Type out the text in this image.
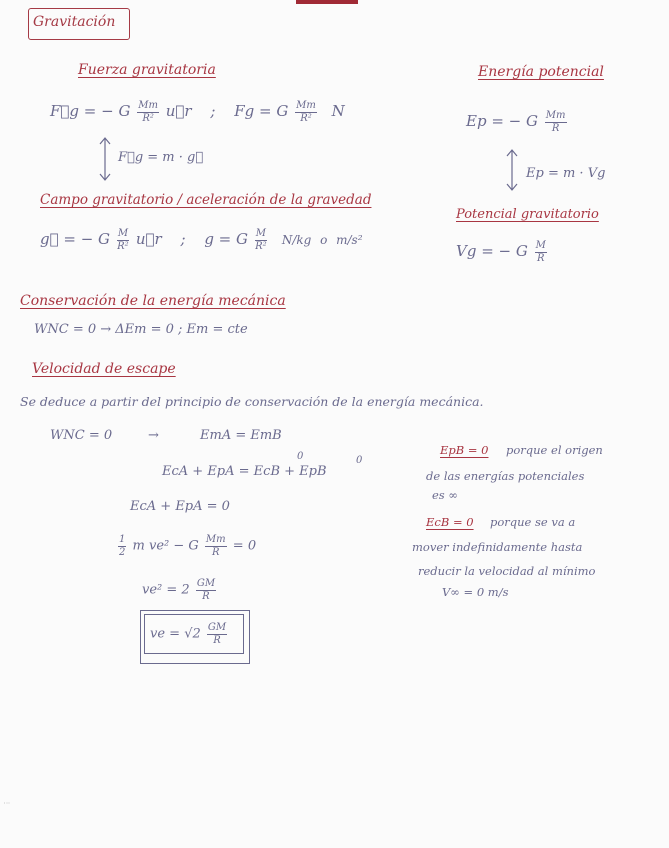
Gravitación
Fuerza gravitatoria
F⃗g = − G $\frac{Mm}{\text{R²}}$ u⃗r ; Fg = G $\frac{Mm}{\text{R²}}$ N
F⃗g = m · g⃗
Campo gravitatorio / aceleración de la gravedad
g⃗ = − G $\frac{M}{\text{R²}}$ u⃗r ; g = G $\frac{M}{\text{R²}} N/kg$ o m/s²
Energía potencial
Ep = − G $\frac{Mm}{R}$
Ep = m · Vg
Potencial gravitatorio
Vg = − G $\frac{M}{R}$
Conservación de la energía mecánica
WNC = 0 → ΔEm = 0 ; Em = cte
Velocidad de escape
Se deduce a partir del principio de conservación de la energía mecánica.
WNC = 0	→	EmA = EmB
EcA + EpA = EcB + EpB
0	0
EcA + EpA = 0
$\frac{1}{2}$ m ve² − G $\frac{Mm}{R} = 0$
$ve^2 = 2 \frac{GM}{R}$
ve = $√2 \frac{GM}{R}$
EpB = 0 porque el origen
de las energías potenciales
es ∞
EcB = 0 porque se va a
mover indefinidamente hasta
reducir la velocidad al mínimo
V∞ = 0 m/s
⋮
